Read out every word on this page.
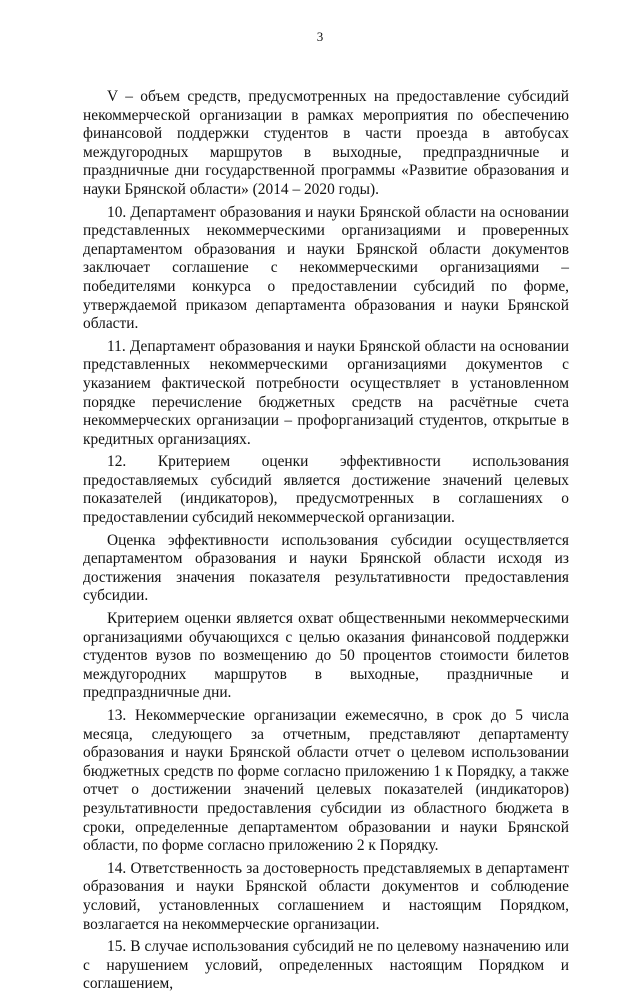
3

V – объем средств, предусмотренных на предоставление субсидий некоммерческой организации в рамках мероприятия по обеспечению финансовой поддержки студентов в части проезда в автобусах междугородных маршрутов в выходные, предпраздничные и праздничные дни государственной программы «Развитие образования и науки Брянской области» (2014 – 2020 годы).

10. Департамент образования и науки Брянской области на основании представленных некоммерческими организациями и проверенных департаментом образования и науки Брянской области документов заключает соглашение с некоммерческими организациями – победителями конкурса о предоставлении субсидий по форме, утверждаемой приказом департамента образования и науки Брянской области.

11. Департамент образования и науки Брянской области на основании представленных некоммерческими организациями документов с указанием фактической потребности осуществляет в установленном порядке перечисление бюджетных средств на расчётные счета некоммерческих организации – профорганизаций студентов, открытые в кредитных организациях.

12. Критерием оценки эффективности использования предоставляемых субсидий является достижение значений целевых показателей (индикаторов), предусмотренных в соглашениях о предоставлении субсидий некоммерческой организации.

Оценка эффективности использования субсидии осуществляется департаментом образования и науки Брянской области исходя из достижения значения показателя результативности предоставления субсидии.

Критерием оценки является охват общественными некоммерческими организациями обучающихся с целью оказания финансовой поддержки студентов вузов по возмещению до 50 процентов стоимости билетов междугородних маршрутов в выходные, праздничные и предпраздничные дни.

13. Некоммерческие организации ежемесячно, в срок до 5 числа месяца, следующего за отчетным, представляют департаменту образования и науки Брянской области отчет о целевом использовании бюджетных средств по форме согласно приложению 1 к Порядку, а также отчет о достижении значений целевых показателей (индикаторов) результативности предоставления субсидии из областного бюджета в сроки, определенные департаментом образовании и науки Брянской области, по форме согласно приложению 2 к Порядку.

14. Ответственность за достоверность представляемых в департамент образования и науки Брянской области документов и соблюдение условий, установленных соглашением и настоящим Порядком, возлагается на некоммерческие организации.

15. В случае использования субсидий не по целевому назначению или с нарушением условий, определенных настоящим Порядком и соглашением,
